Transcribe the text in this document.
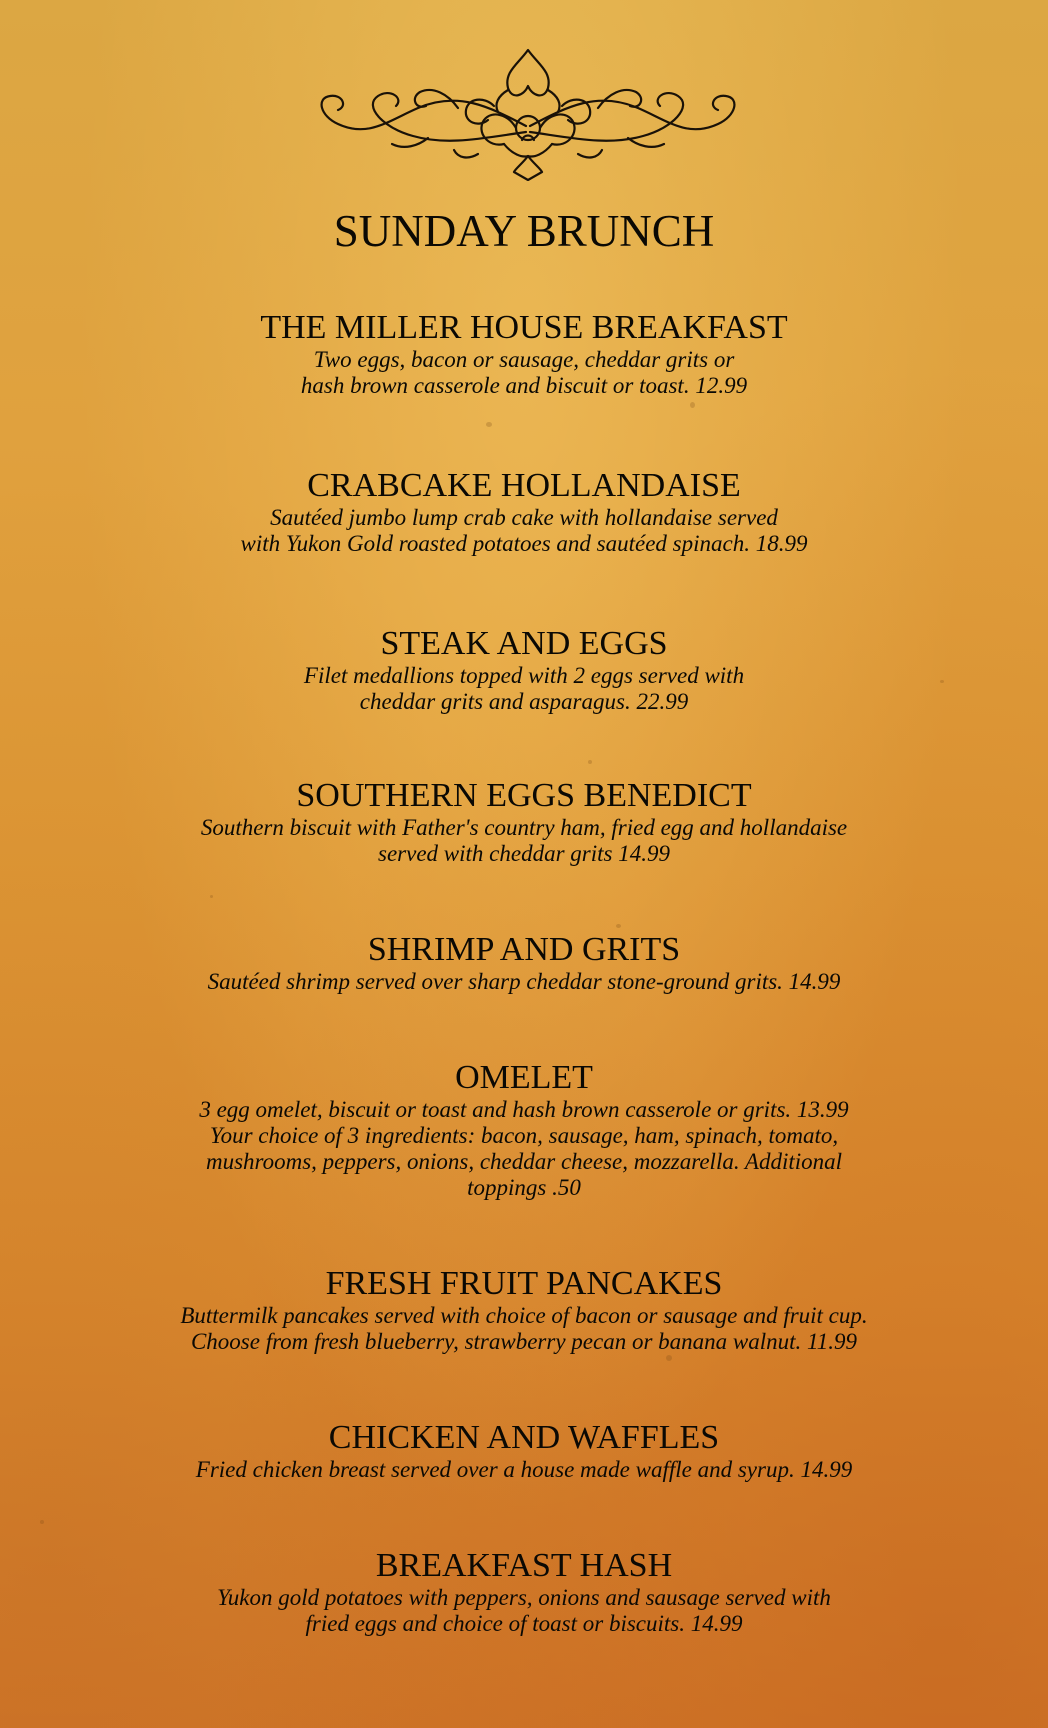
SUNDAY BRUNCH
THE MILLER HOUSE BREAKFAST

Two eggs, bacon or sausage, cheddar grits or

hash brown casserole and biscuit or toast. 12.99

CRABCAKE HOLLANDAISE

Sautéed jumbo lump crab cake with hollandaise served

with Yukon Gold roasted potatoes and sautéed spinach. 18.99

STEAK AND EGGS

Filet medallions topped with 2 eggs served with

cheddar grits and asparagus. 22.99

SOUTHERN EGGS BENEDICT

Southern biscuit with Father's country ham, fried egg and hollandaise

served with cheddar grits 14.99

SHRIMP AND GRITS

Sautéed shrimp served over sharp cheddar stone-ground grits. 14.99

OMELET

3 egg omelet, biscuit or toast and hash brown casserole or grits. 13.99

Your choice of 3 ingredients: bacon, sausage, ham, spinach, tomato,

mushrooms, peppers, onions, cheddar cheese, mozzarella. Additional

toppings .50

FRESH FRUIT PANCAKES

Buttermilk pancakes served with choice of bacon or sausage and fruit cup.

Choose from fresh blueberry, strawberry pecan or banana walnut. 11.99

CHICKEN AND WAFFLES

Fried chicken breast served over a house made waffle and syrup. 14.99

BREAKFAST HASH

Yukon gold potatoes with peppers, onions and sausage served with

fried eggs and choice of toast or biscuits. 14.99
